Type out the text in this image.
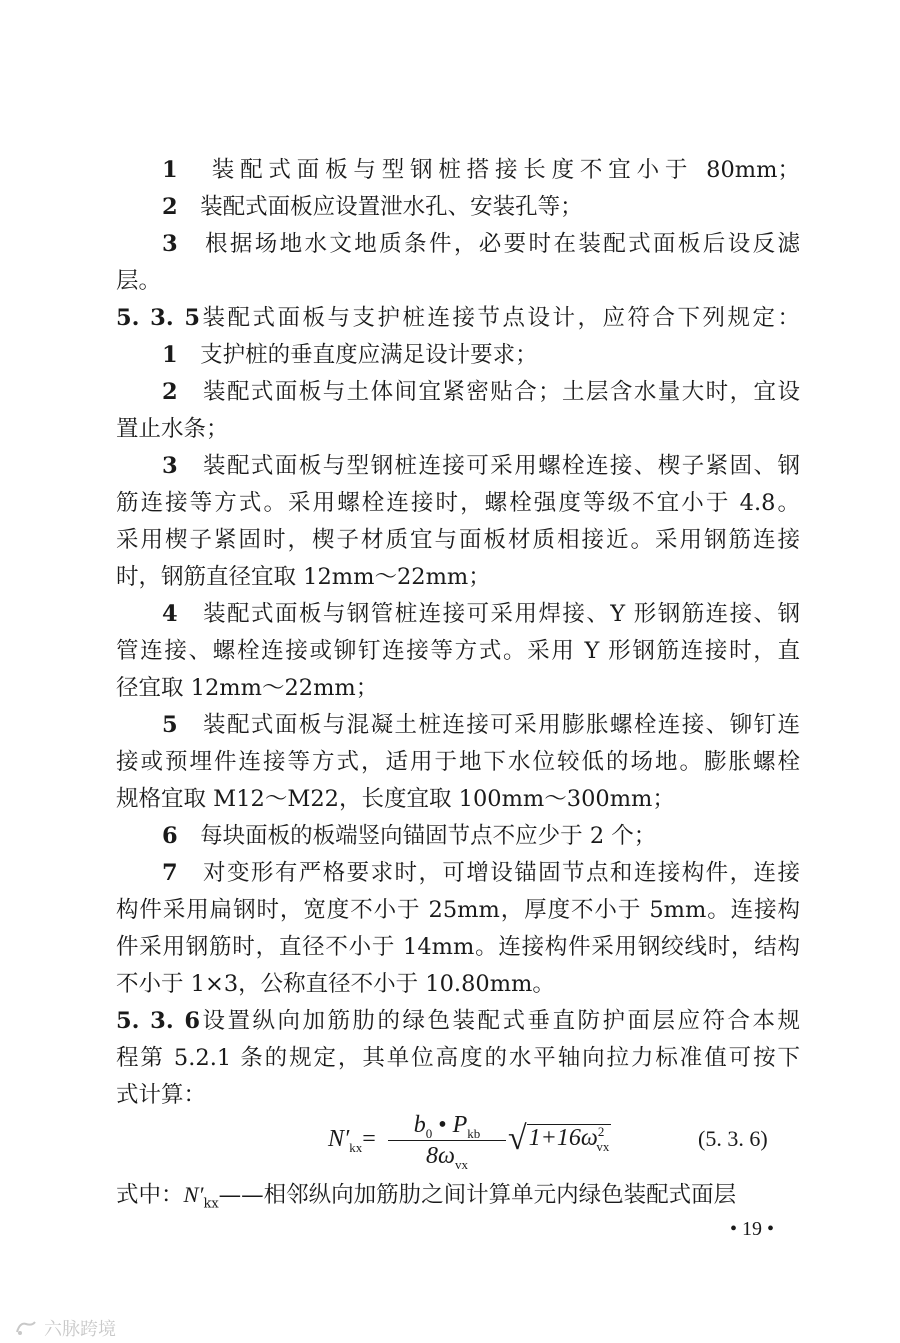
1　 装配式面板与型钢桩搭接长度不宜小于 80mm；
2　 装配式面板应设置泄水孔、安装孔等；
3　 根据场地水文地质条件，必要时在装配式面板后设反滤
层。
5. 3. 5装配式面板与支护桩连接节点设计，应符合下列规定：
1　 支护桩的垂直度应满足设计要求；
2　 装配式面板与土体间宜紧密贴合；土层含水量大时，宜设
置止水条；
3　 装配式面板与型钢桩连接可采用螺栓连接、楔子紧固、钢
筋连接等方式。采用螺栓连接时，螺栓强度等级不宜小于 4.8。
采用楔子紧固时，楔子材质宜与面板材质相接近。采用钢筋连接
时，钢筋直径宜取 12mm～22mm；
4　 装配式面板与钢管桩连接可采用焊接、Y 形钢筋连接、钢
管连接、螺栓连接或铆钉连接等方式。采用 Y 形钢筋连接时，直
径宜取 12mm～22mm；
5　 装配式面板与混凝土桩连接可采用膨胀螺栓连接、铆钉连
接或预埋件连接等方式，适用于地下水位较低的场地。膨胀螺栓
规格宜取 M12～M22，长度宜取 100mm～300mm；
6　 每块面板的板端竖向锚固节点不应少于 2 个；
7　 对变形有严格要求时，可增设锚固节点和连接构件，连接
构件采用扁钢时，宽度不小于 25mm，厚度不小于 5mm。连接构
件采用钢筋时，直径不小于 14mm。连接构件采用钢绞线时，结构
不小于 1×3，公称直径不小于 10.80mm。
5. 3. 6设置纵向加筋肋的绿色装配式垂直防护面层应符合本规
程第 5.2.1 条的规定，其单位高度的水平轴向拉力标准值可按下
式计算：
$N'_{kx}=$
$b_0$ • $P_{kb}$
$8\omega_{vx}$
$√1+16\omega^2_{vx}$	(5. 3. 6)
式中：$N'_{kx}——$相邻纵向加筋肋之间计算单元内绿色装配式面层
• 19 •
六脉跨境
